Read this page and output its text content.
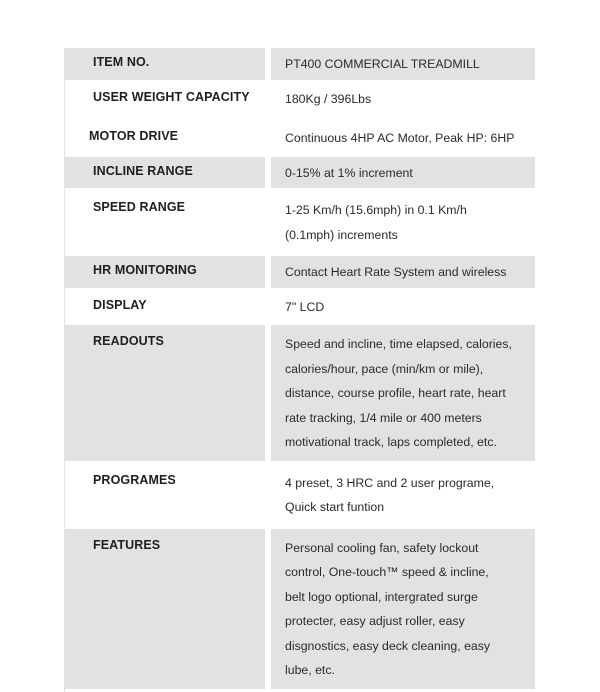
ITEM NO.	PT400 COMMERCIAL TREADMILL
USER WEIGHT CAPACITY	180Kg / 396Lbs
MOTOR DRIVE	Continuous 4HP AC Motor, Peak HP: 6HP
INCLINE RANGE	0-15% at 1% increment
SPEED RANGE	1-25 Km/h (15.6mph) in 0.1 Km/h
(0.1mph) increments
HR MONITORING	Contact Heart Rate System and wireless
DISPLAY	7" LCD
READOUTS	Speed and incline, time elapsed, calories,
calories/hour, pace (min/km or mile),
distance, course profile, heart rate, heart
rate tracking, 1/4 mile or 400 meters
motivational track, laps completed, etc.
PROGRAMES	4 preset, 3 HRC and 2 user programe,
Quick start funtion
FEATURES	Personal cooling fan, safety lockout
control, One-touch™ speed & incline,
belt logo optional, intergrated surge
protecter, easy adjust roller, easy
disgnostics, easy deck cleaning, easy
lube, etc.
